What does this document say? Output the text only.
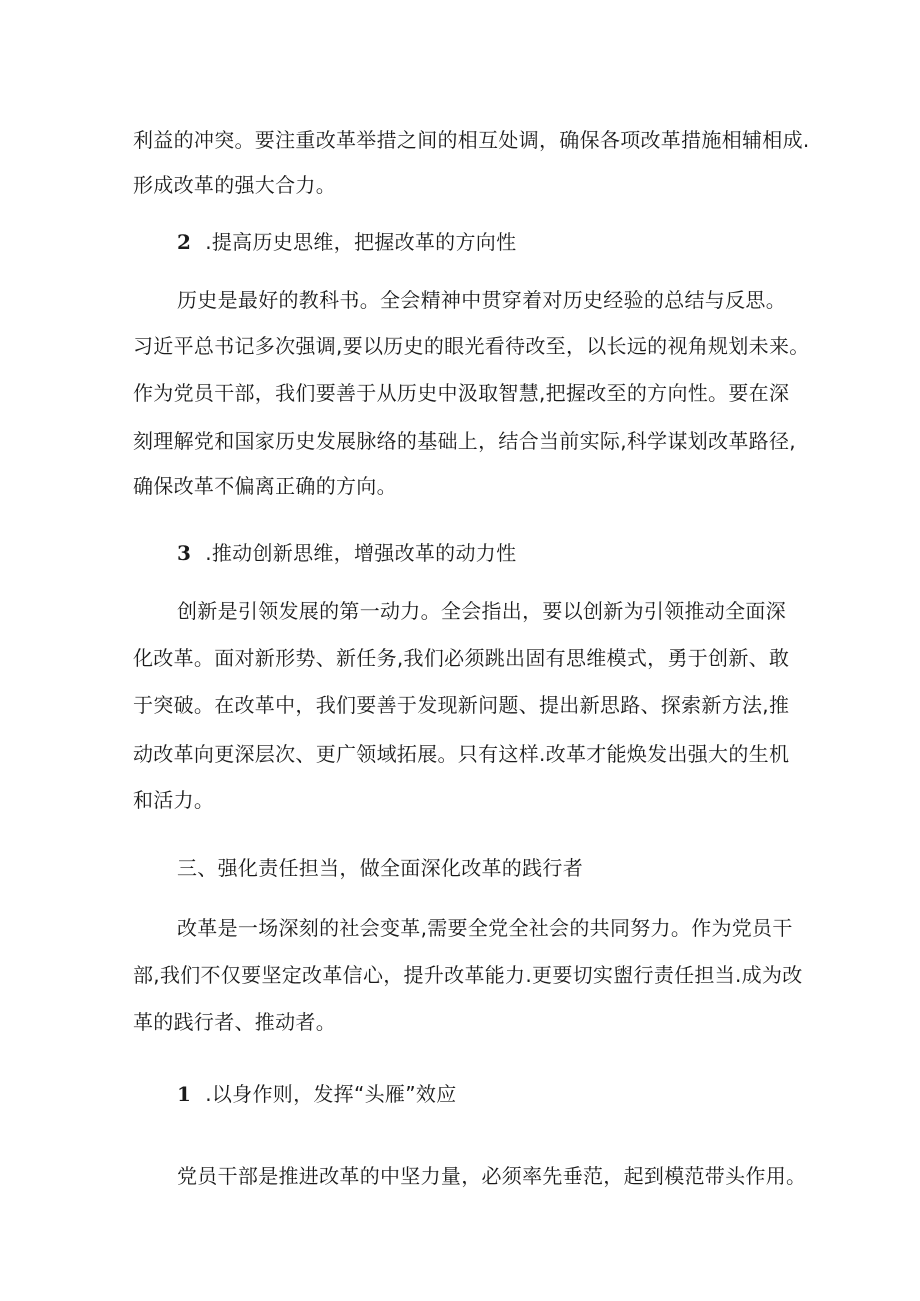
利益的冲突。要注重改革举措之间的相互处调，确保各项改革措施相辅相成.
形成改革的强大合力。
2 .提高历史思维，把握改革的方向性
历史是最好的教科书。全会精神中贯穿着对历史经验的总结与反思。
习近平总书记多次强调,要以历史的眼光看待改至，以长远的视角规划未来。
作为党员干部，我们要善于从历史中汲取智慧,把握改至的方向性。要在深
刻理解党和国家历史发展脉络的基础上，结合当前实际,科学谋划改革路径,
确保改革不偏离正确的方向。
3 .推动创新思维，增强改革的动力性
创新是引领发展的第一动力。全会指出，要以创新为引领推动全面深
化改革。面对新形势、新任务,我们必须跳出固有思维模式，勇于创新、敢
于突破。在改革中，我们要善于发现新问题、提出新思路、探索新方法,推
动改革向更深层次、更广领域拓展。只有这样.改革才能焕发出强大的生机
和活力。
三、强化责任担当，做全面深化改革的践行者
改革是一场深刻的社会变革,需要全党全社会的共同努力。作为党员干
部,我们不仅要坚定改革信心，提升改革能力.更要切实盥行责任担当.成为改
革的践行者、推动者。
1 .以身作则，发挥“头雁”效应
党员干部是推进改革的中坚力量，必须率先垂范，起到模范带头作用。
